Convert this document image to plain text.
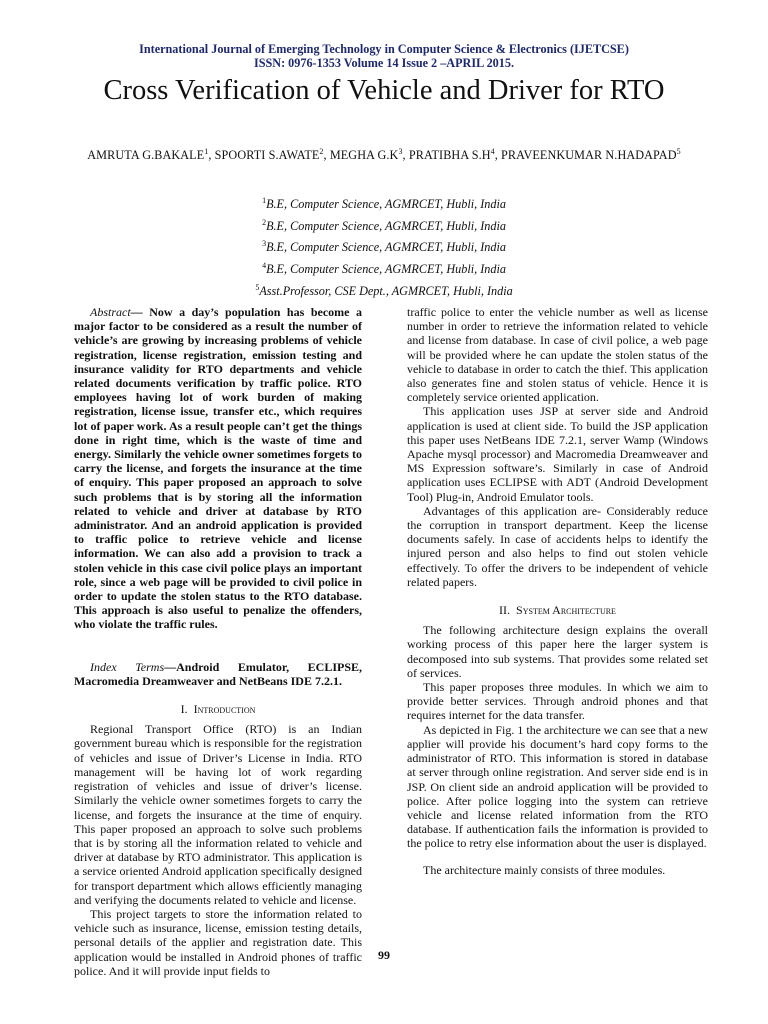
International Journal of Emerging Technology in Computer Science & Electronics (IJETCSE)
ISSN: 0976-1353 Volume 14 Issue 2 –APRIL 2015.
Cross Verification of Vehicle and Driver for RTO
AMRUTA G.BAKALE$^1$, SPOORTI S.AWATE$^2$, MEGHA $G.K^3$, PRATIBHA $S.H^4$, PRAVEENKUMAR N.HADAPAD$^5$
$^1$B.E, Computer Science, AGMRCET, Hubli, India
$^2$B.E, Computer Science, AGMRCET, Hubli, India
$^3$B.E, Computer Science, AGMRCET, Hubli, India
$^4$B.E, Computer Science, AGMRCET, Hubli, India
$^5$Asst.Professor, CSE Dept., AGMRCET, Hubli, India

Abstract— Now a day’s population has become a major factor to be considered as a result the number of vehicle’s are growing by increasing problems of vehicle registration, license registration, emission testing and insurance validity for RTO departments and vehicle related documents verification by traffic police. RTO employees having lot of work burden of making registration, license issue, transfer etc., which requires lot of paper work. As a result people can’t get the things done in right time, which is the waste of time and energy. Similarly the vehicle owner sometimes forgets to carry the license, and forgets the insurance at the time of enquiry. This paper proposed an approach to solve such problems that is by storing all the information related to vehicle and driver at database by RTO administrator. And an android application is provided to traffic police to retrieve vehicle and license information. We can also add a provision to track a stolen vehicle in this case civil police plays an important role, since a web page will be provided to civil police in order to update the stolen status to the RTO database. This approach is also useful to penalize the offenders, who violate the traffic rules.

Index Terms—Android Emulator, ECLIPSE, Macromedia Dreamweaver and NetBeans IDE 7.2.1.

I. Introduction

Regional Transport Office (RTO) is an Indian government bureau which is responsible for the registration of vehicles and issue of Driver’s License in India. RTO management will be having lot of work regarding registration of vehicles and issue of driver’s license. Similarly the vehicle owner sometimes forgets to carry the license, and forgets the insurance at the time of enquiry. This paper proposed an approach to solve such problems that is by storing all the information related to vehicle and driver at database by RTO administrator. This application is a service oriented Android application specifically designed for transport department which allows efficiently managing and verifying the documents related to vehicle and license.

This project targets to store the information related to vehicle such as insurance, license, emission testing details, personal details of the applier and registration date. This application would be installed in Android phones of traffic police. And it will provide input fields to

traffic police to enter the vehicle number as well as license number in order to retrieve the information related to vehicle and license from database. In case of civil police, a web page will be provided where he can update the stolen status of the vehicle to database in order to catch the thief. This application also generates fine and stolen status of vehicle. Hence it is completely service oriented application.

This application uses JSP at server side and Android application is used at client side. To build the JSP application this paper uses NetBeans IDE 7.2.1, server Wamp (Windows Apache mysql processor) and Macromedia Dreamweaver and MS Expression software’s. Similarly in case of Android application uses ECLIPSE with ADT (Android Development Tool) Plug-in, Android Emulator tools.

Advantages of this application are- Considerably reduce the corruption in transport department. Keep the license documents safely. In case of accidents helps to identify the injured person and also helps to find out stolen vehicle effectively. To offer the drivers to be independent of vehicle related papers.

II. System Architecture

The following architecture design explains the overall working process of this paper here the larger system is decomposed into sub systems. That provides some related set of services.

This paper proposes three modules. In which we aim to provide better services. Through android phones and that requires internet for the data transfer.

As depicted in Fig. 1 the architecture we can see that a new applier will provide his document’s hard copy forms to the administrator of RTO. This information is stored in database at server through online registration. And server side end is in JSP. On client side an android application will be provided to police. After police logging into the system can retrieve vehicle and license related information from the RTO database. If authentication fails the information is provided to the police to retry else information about the user is displayed.

The architecture mainly consists of three modules.

99
